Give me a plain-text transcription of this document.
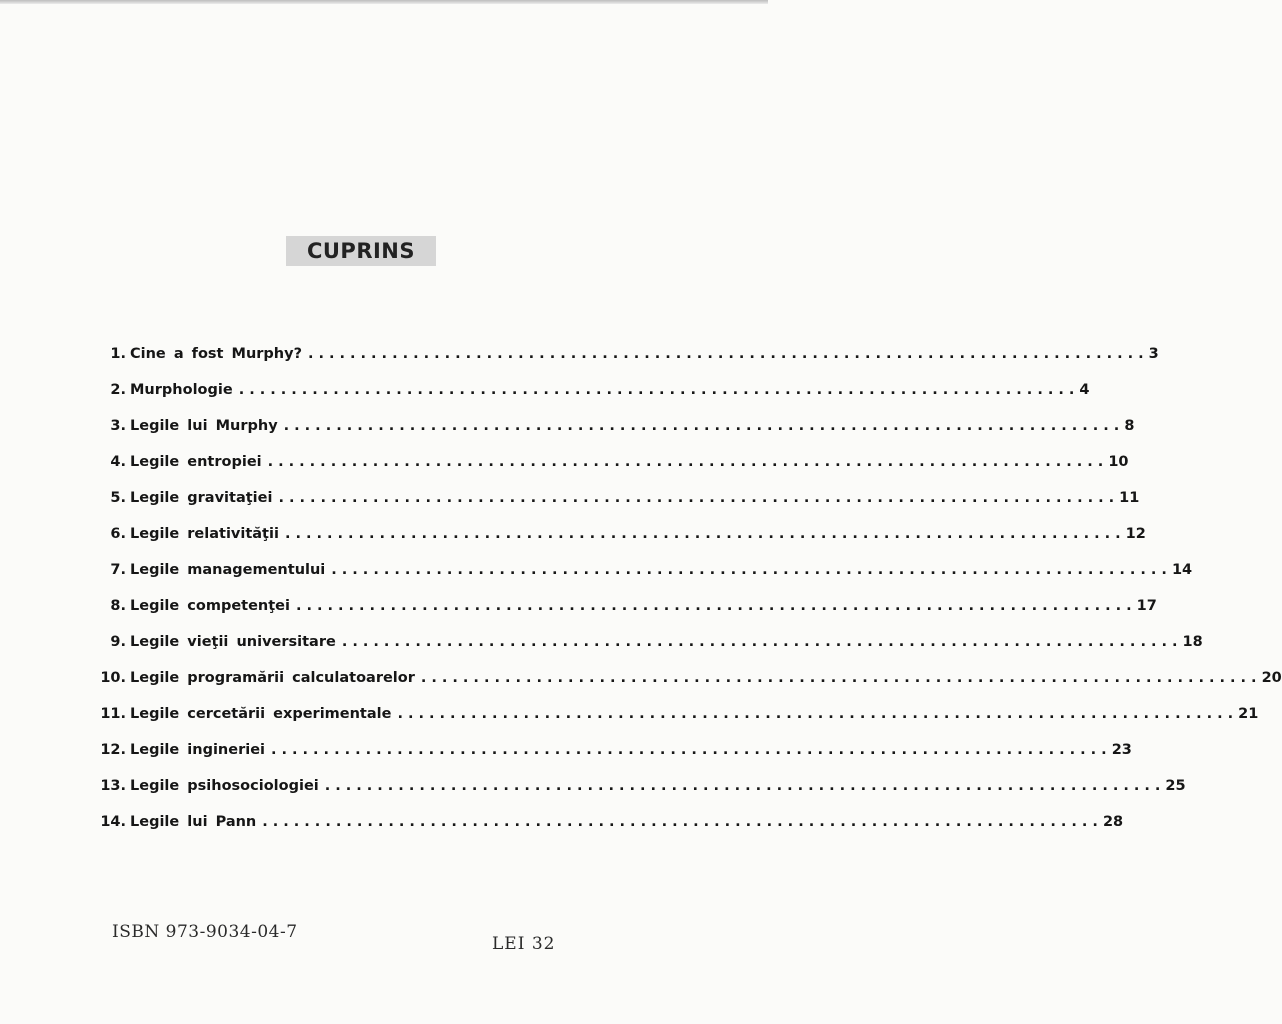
CUPRINS
1. Cine a fost Murphy? ................................................................................ 3
2. Murphologie ................................................................................ 4
3. Legile lui Murphy ................................................................................ 8
4. Legile entropiei ................................................................................ 10
5. Legile gravitaţiei ................................................................................ 11
6. Legile relativităţii ................................................................................ 12
7. Legile managementului ................................................................................ 14
8. Legile competenţei ................................................................................ 17
9. Legile vieţii universitare ................................................................................ 18
10. Legile programării calculatoarelor ................................................................................ 20
11. Legile cercetării experimentale ................................................................................ 21
12. Legile ingineriei ................................................................................ 23
13. Legile psihosociologiei ................................................................................ 25
14. Legile lui Pann ................................................................................ 28
ISBN 973-9034-04-7
LEI 32
